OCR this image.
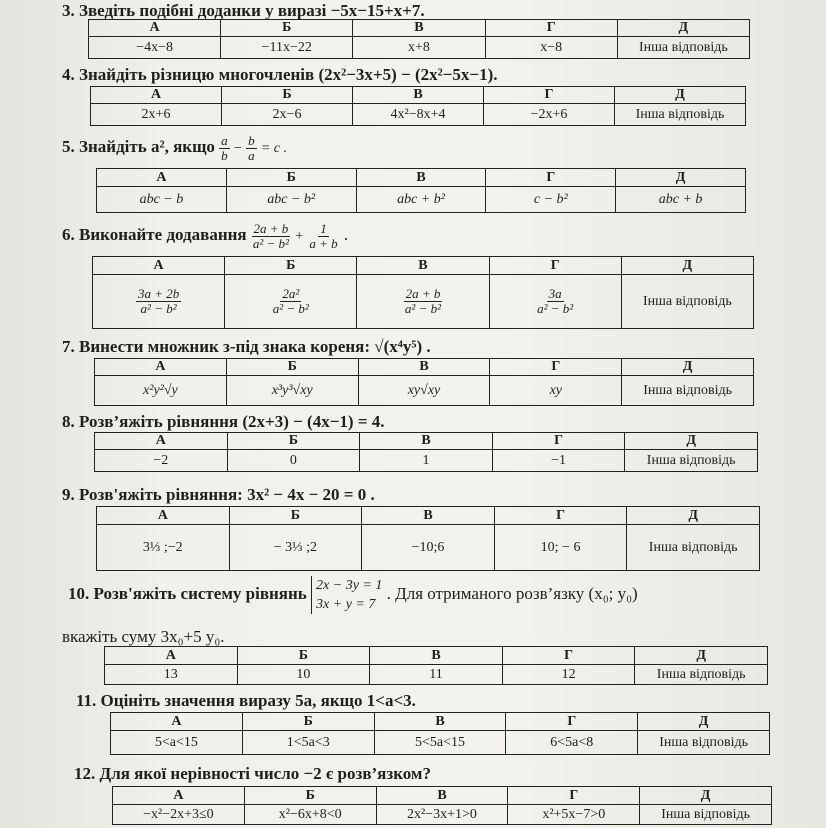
3. Зведіть подібні доданки у виразі −5x−15+x+7.
А	Б	В	Г	Д
−4x−8	−11x−22	x+8	x−8	Інша відповідь
4. Знайдіть різницю многочленів (2x²−3x+5) − (2x²−5x−1).
А	Б	В	Г	Д
2x+6	2x−6	4x²−8x+4	−2x+6	Інша відповідь
5. Знайдіть a², якщо $\frac{a}{b} - \frac{b}{a} = c$ .
А	Б	В	Г	Д
abc − b	abc − b²	abc + b²	c − b²	abc + b
6. Виконайте додавання $\frac{2a + b}{\text{a² − b²}} + \frac{1}{a + b}$ .
А	Б	В	Г	Д

$\frac{3a + 2b}{\text{a² − b²}}$	$\frac{\text{2a²}}{\text{a² − b²}}$	$\frac{2a + b}{\text{a² − b²}}$	$\frac{3a}{\text{a² − b²}}$	Інша відповідь
7. Винести множник з-під знака кореня: √(x⁴y⁵) .
А	Б	В	Г	Д
x²y²√y	x³y³√xy	xy√xy	xy	Інша відповідь
8. Розв’яжіть рівняння (2x+3) − (4x−1) = 4.
А	Б	В	Г	Д
−2	0	1	−1	Інша відповідь
9. Розв'яжіть рівняння: 3x² − 4x − 20 = 0 .
А	Б	В	Г	Д
3⅓ ;−2	− 3⅓ ;2	−10;6	10; − 6	Інша відповідь
10. Розв'яжіть систему рівнянь 2x − 3y = 1
3x + y = 7 . Для отриманого розв’язку (x₀; y₀)
вкажіть суму 3x₀+5 y₀.
А	Б	В	Г	Д
13	10	11	12	Інша відповідь
11. Оцініть значення виразу 5a, якщо 1<a<3.
А	Б	В	Г	Д
5<a<15	1<5a<3	5<5a<15	6<5a<8	Інша відповідь
12. Для якої нерівності число −2 є розв’язком?
А	Б	В	Г	Д
−x²−2x+3≤0	x²−6x+8<0	2x²−3x+1>0	x²+5x−7>0	Інша відповідь
